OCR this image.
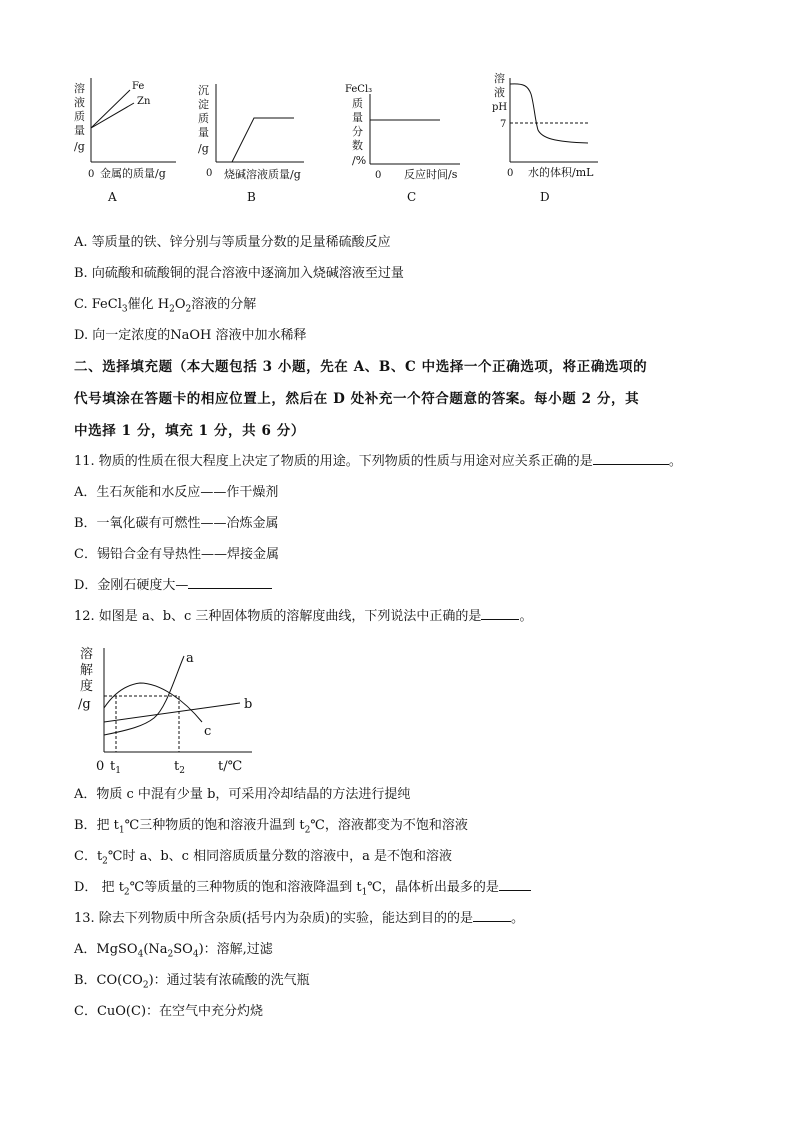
溶
液
质
量
/g
Fe
Zn
0 金属的质量/g
A
沉
淀
质
量
/g
0 烧碱溶液质量/g
B
FeCl₃
质
量
分
数
/%
0 反应时间/s
C
溶
液
pH
7
0 水的体积/mL
D
A. 等质量的铁、锌分别与等质量分数的足量稀硫酸反应
B. 向硫酸和硫酸铜的混合溶液中逐滴加入烧碱溶液至过量
C. FeCl$_3$催化 $H_2O_2$溶液的分解
D. 向一定浓度的NaOH 溶液中加水稀释
二、选择填充题（本大题包括 3 小题，先在 A、B、C 中选择一个正确选项，将正确选项的
代号填涂在答题卡的相应位置上，然后在 D 处补充一个符合题意的答案。每小题 2 分，其
中选择 1 分，填充 1 分，共 6 分）
11. 物质的性质在很大程度上决定了物质的用途。下列物质的性质与用途对应关系正确的是	。
A．生石灰能和水反应——作干燥剂
B．一氧化碳有可燃性——冶炼金属
C．锡铅合金有导热性——焊接金属
D．金刚石硬度大—
12. 如图是 a、b、c 三种固体物质的溶解度曲线，下列说法中正确的是	。
溶
解
度
/g
a
b
c
0 $t_1$	$t_2$	t/℃
A．物质 c 中混有少量 b，可采用冷却结晶的方法进行提纯
B．把 $t_1℃$三种物质的饱和溶液升温到 $t_2℃$，溶液都变为不饱和溶液
C．$t_2℃$时 a、b、c 相同溶质质量分数的溶液中，a 是不饱和溶液
D． 把 $t_2℃$等质量的三种物质的饱和溶液降温到 $t_1℃$，晶体析出最多的是
13. 除去下列物质中所含杂质(括号内为杂质)的实验，能达到目的的是	。
A．$MgSO_4(Na_2SO_4)$：溶解,过滤
B．$CO(CO_2)$：通过装有浓硫酸的洗气瓶
C．CuO(C)：在空气中充分灼烧
